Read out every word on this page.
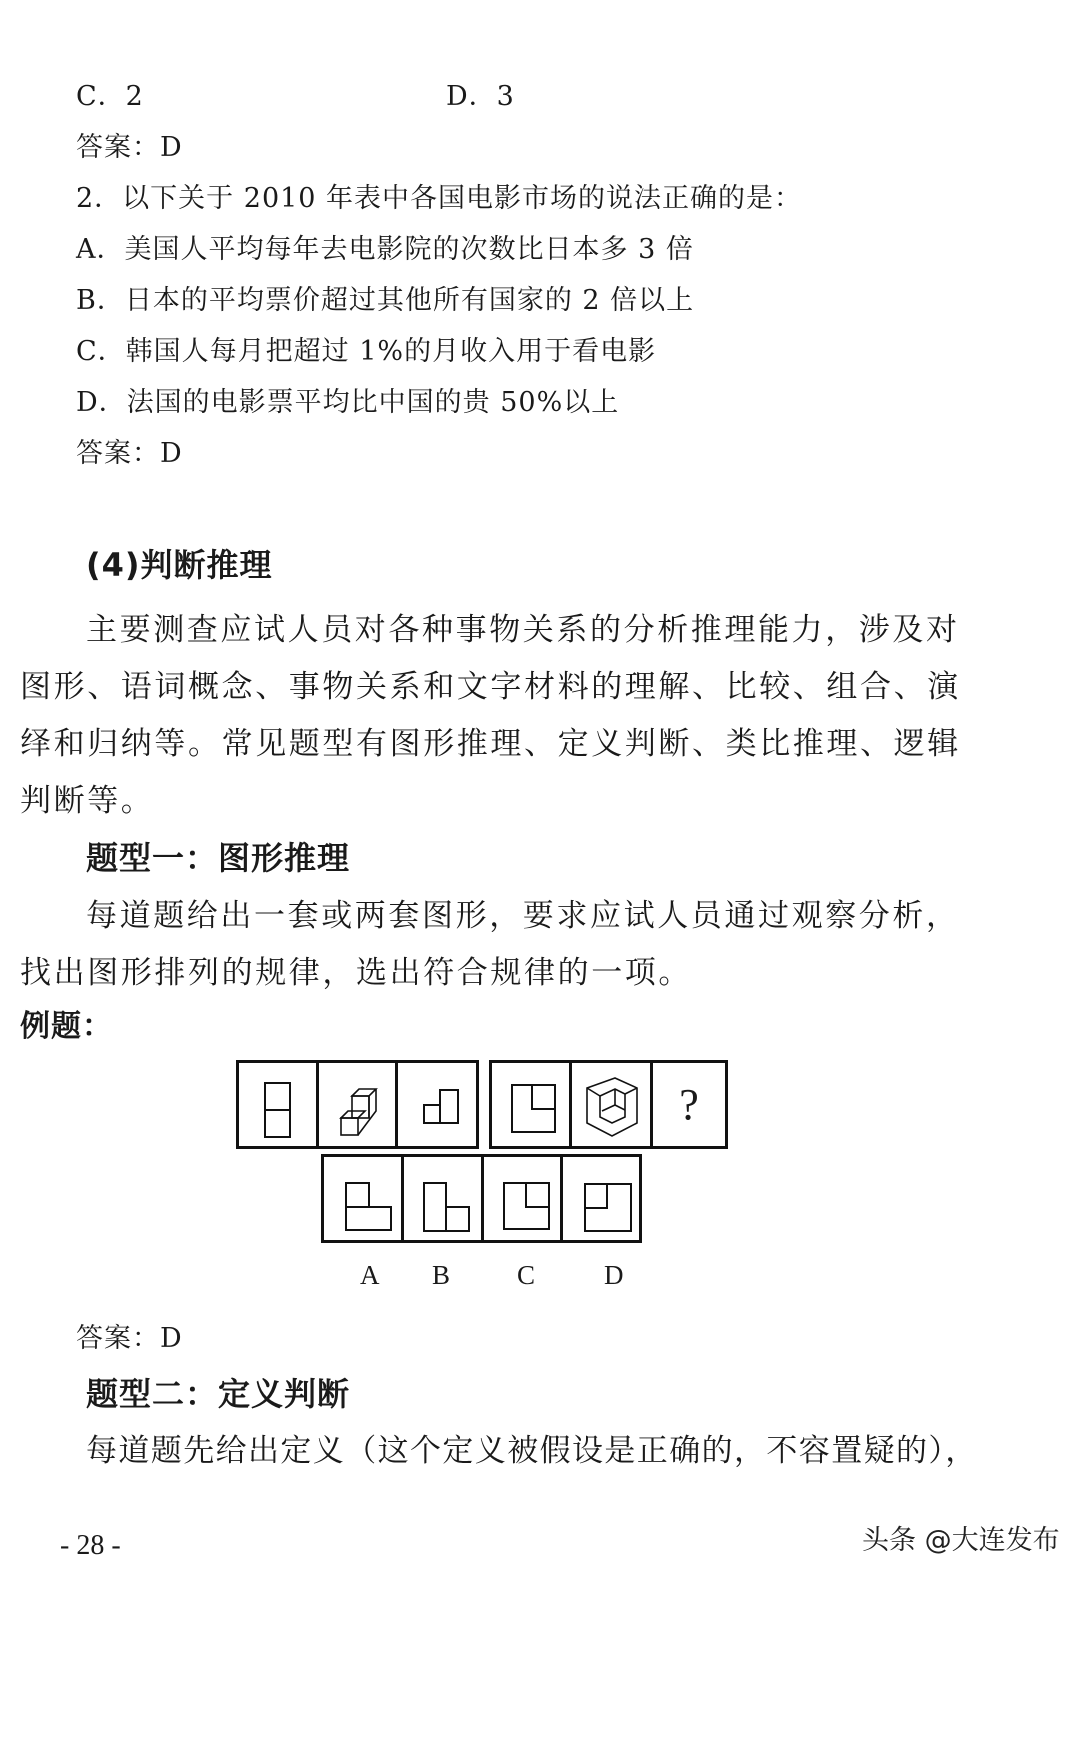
C．2	D．3
答案：D
2．以下关于 2010 年表中各国电影市场的说法正确的是：
A．美国人平均每年去电影院的次数比日本多 3 倍
B．日本的平均票价超过其他所有国家的 2 倍以上
C．韩国人每月把超过 1%的月收入用于看电影
D．法国的电影票平均比中国的贵 50%以上
答案：D
(4)判断推理
主要测查应试人员对各种事物关系的分析推理能力，涉及对
图形、语词概念、事物关系和文字材料的理解、比较、组合、演
绎和归纳等。常见题型有图形推理、定义判断、类比推理、逻辑
判断等。
题型一：图形推理
每道题给出一套或两套图形，要求应试人员通过观察分析，
找出图形排列的规律，选出符合规律的一项。
例题：
?
A B C	D
答案：D
题型二：定义判断
每道题先给出定义（这个定义被假设是正确的，不容置疑的），
- 28 -	头条 @大连发布
